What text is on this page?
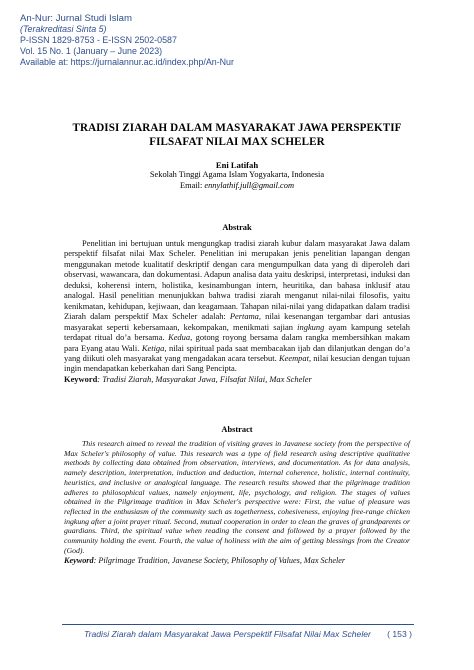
An-Nur: Jurnal Studi Islam
(Terakreditasi Sinta 5)
P-ISSN 1829-8753 - E-ISSN 2502-0587
Vol. 15 No. 1 (January – June 2023)
Available at: https://jurnalannur.ac.id/index.php/An-Nur
TRADISI ZIARAH DALAM MASYARAKAT JAWA PERSPEKTIF
FILSAFAT NILAI MAX SCHELER
Eni Latifah
Sekolah Tinggi Agama Islam Yogyakarta, Indonesia
Email: ennylathif.jull@gmail.com
Abstrak

Penelitian ini bertujuan untuk mengungkap tradisi ziarah kubur dalam masyarakat Jawa dalam perspektif filsafat nilai Max Scheler. Penelitian ini merupakan jenis penelitian lapangan dengan menggunakan metode kualitatif deskriptif dengan cara mengumpulkan data yang di diperoleh dari observasi, wawancara, dan dokumentasi. Adapun analisa data yaitu deskripsi, interpretasi, induksi dan deduksi, koherensi intern, holistika, kesinambungan intern, heuritika, dan bahasa inklusif atau analogal. Hasil penelitian menunjukkan bahwa tradisi ziarah menganut nilai-nilai filosofis, yaitu kenikmatan, kehidupan, kejiwaan, dan keagamaan. Tahapan nilai-nilai yang didapatkan dalam tradisi Ziarah dalam perspektif Max Scheler adalah: Pertama, nilai kesenangan tergambar dari antusias masyarakat seperti kebersamaan, kekompakan, menikmati sajian ingkung ayam kampung setelah terdapat ritual do’a bersama. Kedua, gotong royong bersama dalam rangka membersihkan makam para Eyang atau Wali. Ketiga, nilai spiritual pada saat membacakan ijab dan dilanjutkan dengan do’a yang diikuti oleh masyarakat yang mengadakan acara tersebut. Keempat, nilai kesucian dengan tujuan ingin mendapatkan keberkahan dari Sang Pencipta.

Keyword: Tradisi Ziarah, Masyarakat Jawa, Filsafat Nilai, Max Scheler

Abstract

This research aimed to reveal the tradition of visiting graves in Javanese society from the perspective of Max Scheler's philosophy of value. This research was a type of field research using descriptive qualitative methods by collecting data obtained from observation, interviews, and documentation. As for data analysis, namely description, interpretation, induction and deduction, internal coherence, holistic, internal continuity, heuristics, and inclusive or analogical language. The research results showed that the pilgrimage tradition adheres to philosophical values, namely enjoyment, life, psychology, and religion. The stages of values obtained in the Pilgrimage tradition in Max Scheler's perspective were: First, the value of pleasure was reflected in the enthusiasm of the community such as togetherness, cohesiveness, enjoying free-range chicken ingkung after a joint prayer ritual. Second, mutual cooperation in order to clean the graves of grandparents or guardians. Third, the spiritual value when reading the consent and followed by a prayer followed by the community holding the event. Fourth, the value of holiness with the aim of getting blessings from the Creator (God).

Keyword: Pilgrimage Tradition, Javanese Society, Philosophy of Values, Max Scheler

Tradisi Ziarah dalam Masyarakat Jawa Perspektif Filsafat Nilai Max Scheler ( 153 )
